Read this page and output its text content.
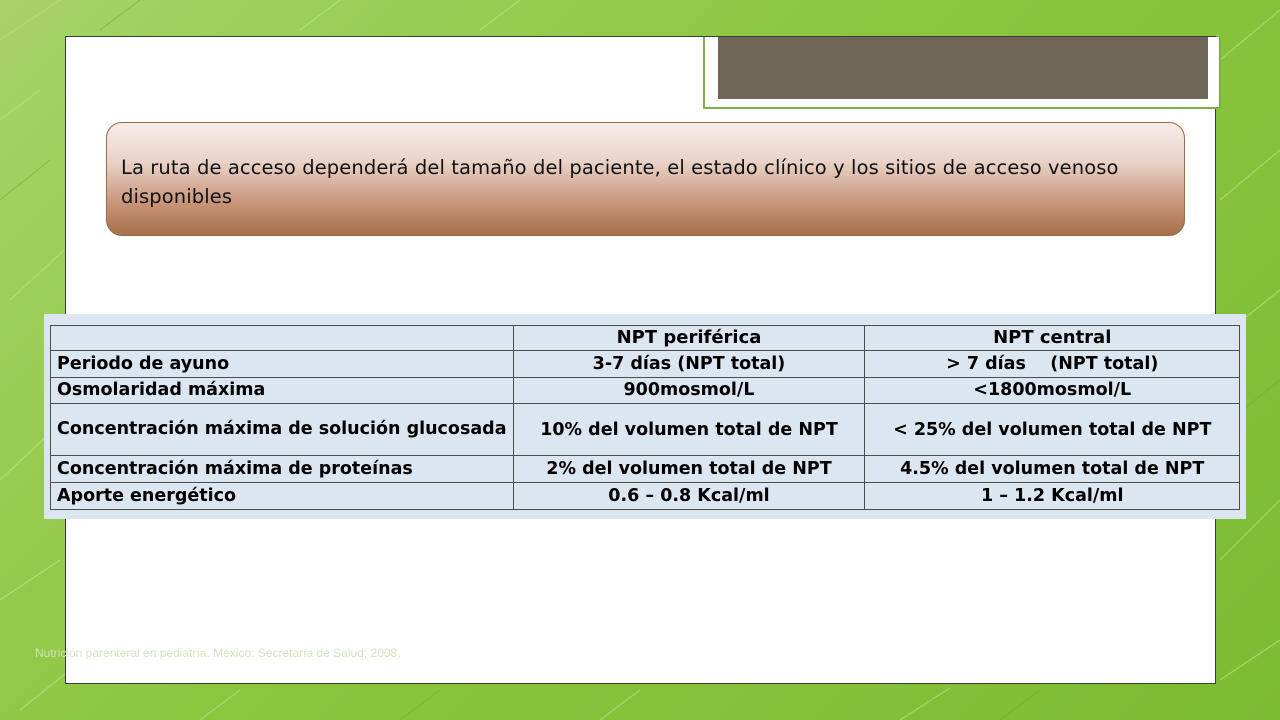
La ruta de acceso dependerá del tamaño del paciente, el estado clínico y los sitios de acceso venoso disponibles

	NPT periférica	NPT central
Periodo de ayuno	3-7 días (NPT total)	> 7 días    (NPT total)
Osmolaridad máxima	900mosmol/L	<1800mosmol/L
Concentración máxima de solución glucosada	10% del volumen total de NPT	< 25% del volumen total de NPT
Concentración máxima de proteínas	2% del volumen total de NPT	4.5% del volumen total de NPT
Aporte energético	0.6 – 0.8 Kcal/ml	1 – 1.2 Kcal/ml

Nutrición parenteral en pediatría. México: Secretaría de Salud; 2008.
